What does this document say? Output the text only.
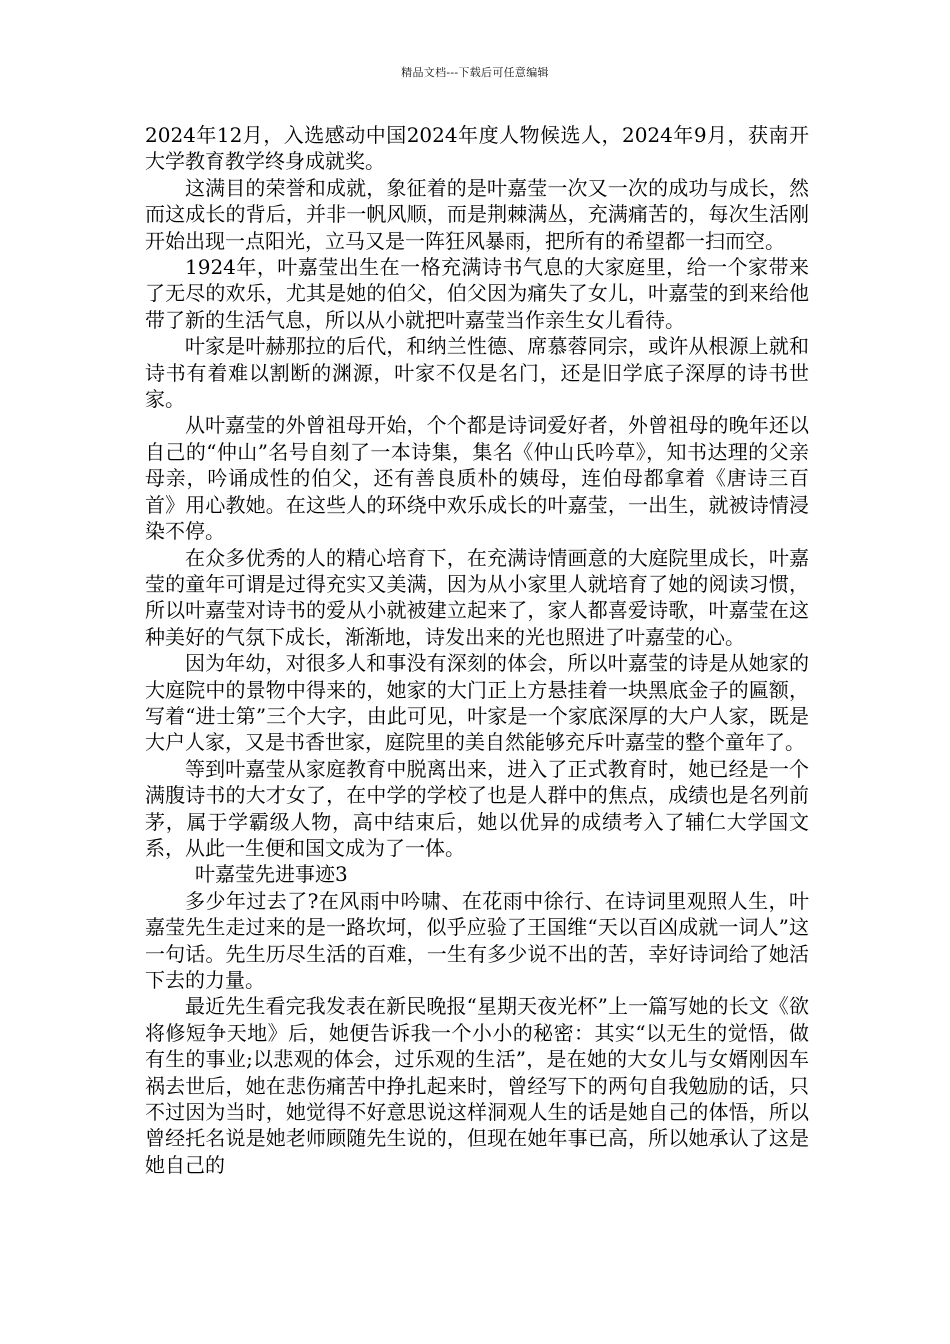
精品文档---下载后可任意编辑

2024年12月，入选感动中国2024年度人物候选人，2024年9月，获南开大学教育教学终身成就奖。

这满目的荣誉和成就，象征着的是叶嘉莹一次又一次的成功与成长，然而这成长的背后，并非一帆风顺，而是荆棘满丛，充满痛苦的，每次生活刚开始出现一点阳光，立马又是一阵狂风暴雨，把所有的希望都一扫而空。

1924年，叶嘉莹出生在一格充满诗书气息的大家庭里，给一个家带来了无尽的欢乐，尤其是她的伯父，伯父因为痛失了女儿，叶嘉莹的到来给他带了新的生活气息，所以从小就把叶嘉莹当作亲生女儿看待。

叶家是叶赫那拉的后代，和纳兰性德、席慕蓉同宗，或许从根源上就和诗书有着难以割断的渊源，叶家不仅是名门，还是旧学底子深厚的诗书世家。

从叶嘉莹的外曾祖母开始，个个都是诗词爱好者，外曾祖母的晚年还以自己的“仲山”名号自刻了一本诗集，集名《仲山氏吟草》，知书达理的父亲母亲，吟诵成性的伯父，还有善良质朴的姨母，连伯母都拿着《唐诗三百首》用心教她。在这些人的环绕中欢乐成长的叶嘉莹，一出生，就被诗情浸染不停。

在众多优秀的人的精心培育下，在充满诗情画意的大庭院里成长，叶嘉莹的童年可谓是过得充实又美满，因为从小家里人就培育了她的阅读习惯，所以叶嘉莹对诗书的爱从小就被建立起来了，家人都喜爱诗歌，叶嘉莹在这种美好的气氛下成长，渐渐地，诗发出来的光也照进了叶嘉莹的心。

因为年幼，对很多人和事没有深刻的体会，所以叶嘉莹的诗是从她家的大庭院中的景物中得来的，她家的大门正上方悬挂着一块黑底金子的匾额，写着“进士第”三个大字，由此可见，叶家是一个家底深厚的大户人家，既是大户人家，又是书香世家，庭院里的美自然能够充斥叶嘉莹的整个童年了。

等到叶嘉莹从家庭教育中脱离出来，进入了正式教育时，她已经是一个满腹诗书的大才女了，在中学的学校了也是人群中的焦点，成绩也是名列前茅，属于学霸级人物，高中结束后，她以优异的成绩考入了辅仁大学国文系，从此一生便和国文成为了一体。

叶嘉莹先进事迹3

多少年过去了?在风雨中吟啸、在花雨中徐行、在诗词里观照人生，叶嘉莹先生走过来的是一路坎坷，似乎应验了王国维“天以百凶成就一词人”这一句话。先生历尽生活的百难，一生有多少说不出的苦，幸好诗词给了她活下去的力量。

最近先生看完我发表在新民晚报“星期天夜光杯”上一篇写她的长文《欲将修短争天地》后，她便告诉我一个小小的秘密：其实“以无生的觉悟，做有生的事业;以悲观的体会，过乐观的生活”，是在她的大女儿与女婿刚因车祸去世后，她在悲伤痛苦中挣扎起来时，曾经写下的两句自我勉励的话，只不过因为当时，她觉得不好意思说这样洞观人生的话是她自己的体悟，所以曾经托名说是她老师顾随先生说的，但现在她年事已高，所以她承认了这是她自己的
